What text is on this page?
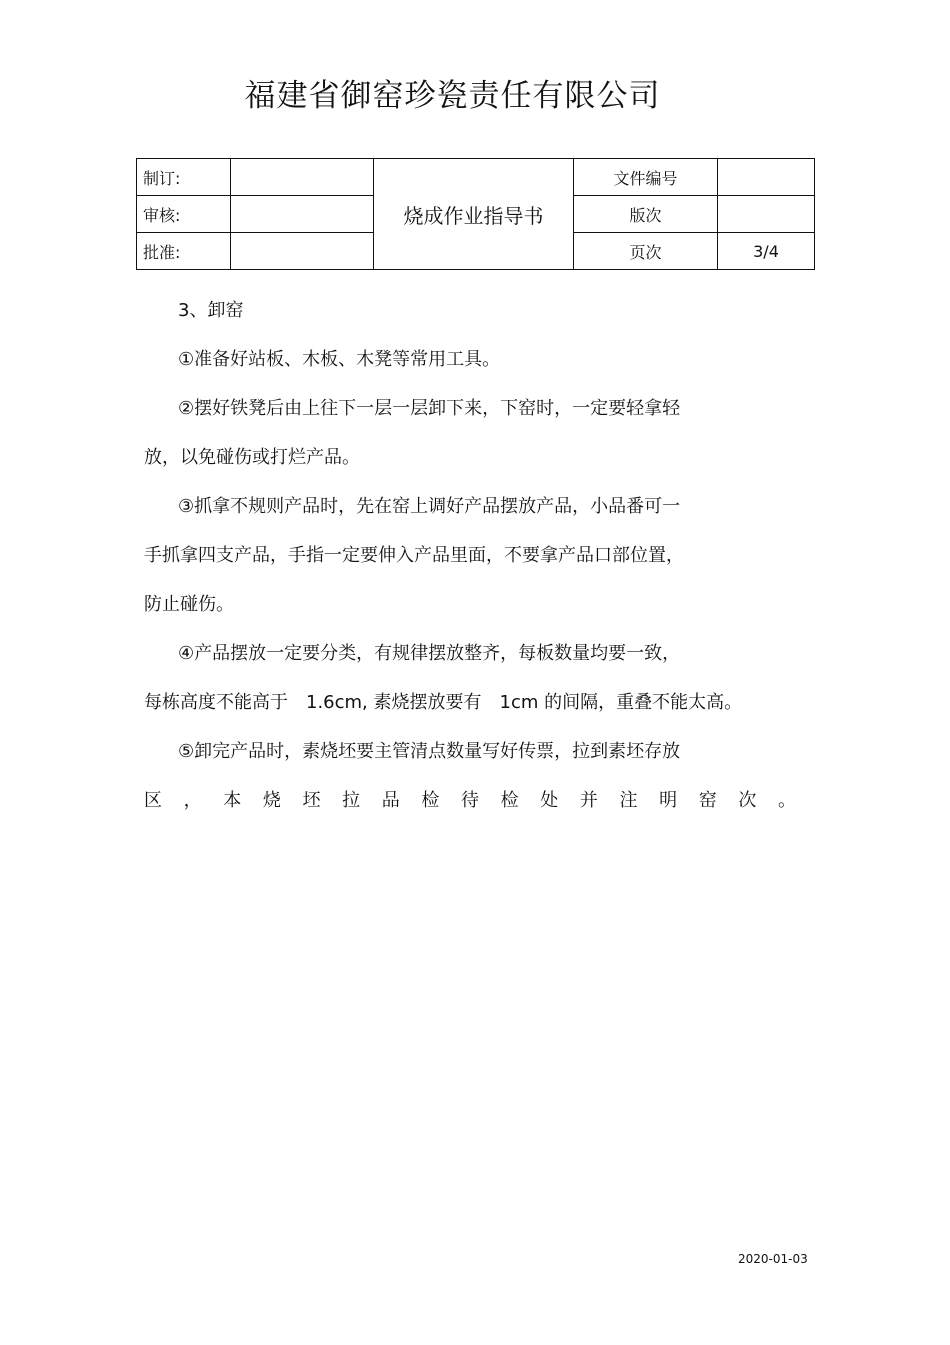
福建省御窑珍瓷责任有限公司
制订:		烧成作业指导书	文件编号	
审核:			版次	
批准:			页次	3/4

3、卸窑

①准备好站板、木板、木凳等常用工具。

②摆好铁凳后由上往下一层一层卸下来，下窑时，一定要轻拿轻

放，以免碰伤或打烂产品。

③抓拿不规则产品时，先在窑上调好产品摆放产品，小品番可一

手抓拿四支产品，手指一定要伸入产品里面，不要拿产品口部位置，

防止碰伤。

④产品摆放一定要分类，有规律摆放整齐，每板数量均要一致，

每栋高度不能高于　1.6cm, 素烧摆放要有　1cm 的间隔，重叠不能太高。

⑤卸完产品时，素烧坯要主管清点数量写好传票，拉到素坯存放

区 ， 本 烧 坯 拉 品 检 待 检 处 并 注 明 窑 次 。

2020-01-03
